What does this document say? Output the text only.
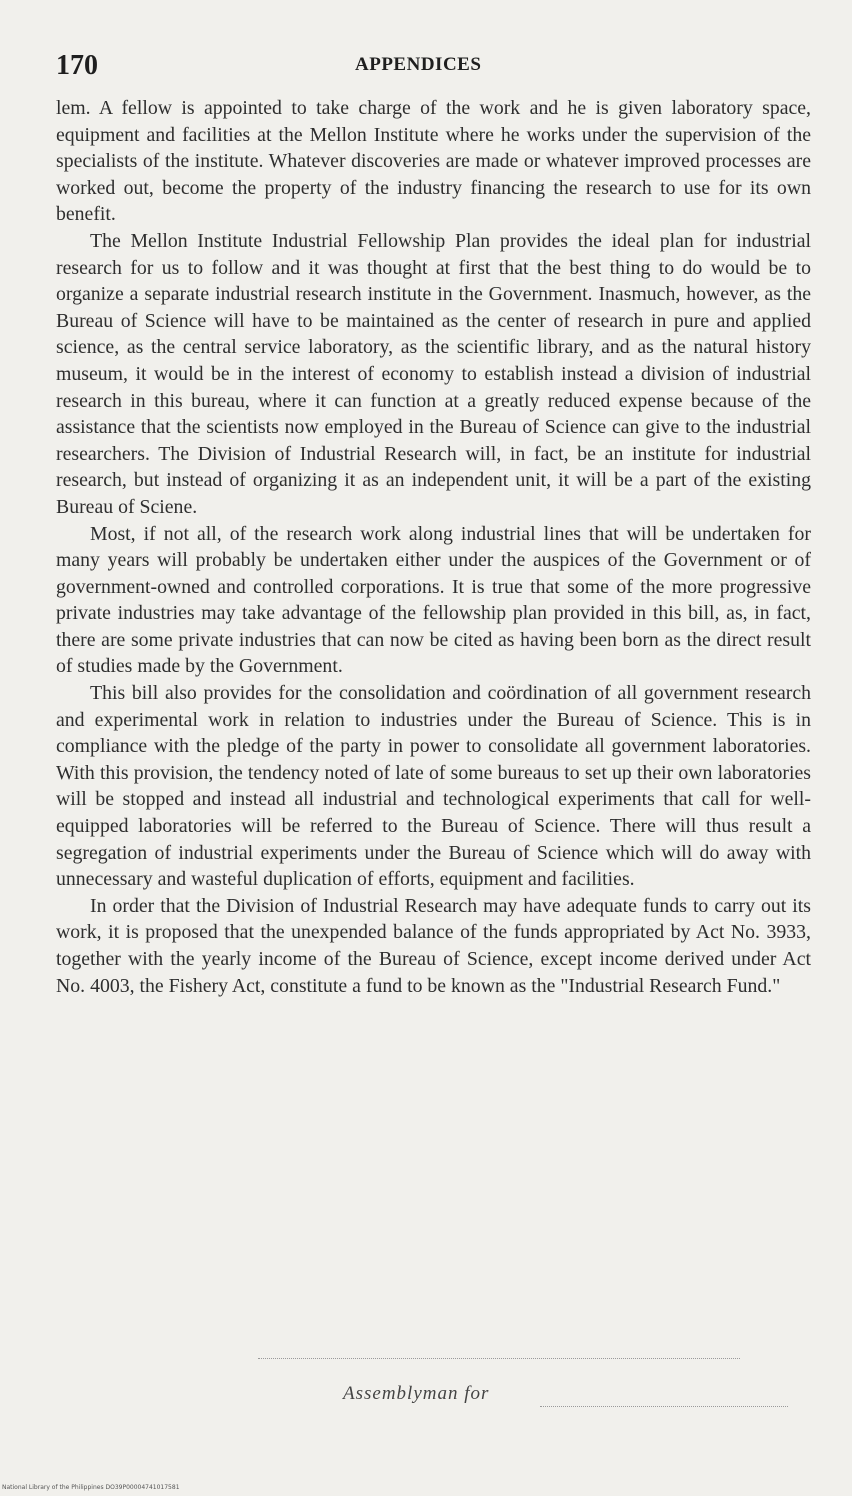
170	APPENDICES

lem. A fellow is appointed to take charge of the work and he is given laboratory space, equipment and facilities at the Mellon Institute where he works under the supervision of the specialists of the institute. Whatever discoveries are made or whatever improved processes are worked out, become the property of the industry financing the research to use for its own benefit.

The Mellon Institute Industrial Fellowship Plan provides the ideal plan for industrial research for us to follow and it was thought at first that the best thing to do would be to organize a separate industrial research institute in the Government. Inasmuch, however, as the Bureau of Science will have to be maintained as the center of research in pure and applied science, as the central service laboratory, as the scientific library, and as the natural history museum, it would be in the interest of economy to establish instead a division of industrial research in this bureau, where it can function at a greatly reduced expense because of the assistance that the scientists now employed in the Bureau of Science can give to the industrial researchers. The Division of Industrial Research will, in fact, be an institute for industrial research, but instead of organizing it as an independent unit, it will be a part of the existing Bureau of Sciene.

Most, if not all, of the research work along industrial lines that will be undertaken for many years will probably be undertaken either under the auspices of the Government or of government-owned and controlled corporations. It is true that some of the more progressive private industries may take advantage of the fellowship plan provided in this bill, as, in fact, there are some private industries that can now be cited as having been born as the direct result of studies made by the Government.

This bill also provides for the consolidation and coördination of all government research and experimental work in relation to industries under the Bureau of Science. This is in compliance with the pledge of the party in power to consolidate all government laboratories. With this provision, the tendency noted of late of some bureaus to set up their own laboratories will be stopped and instead all industrial and technological experiments that call for well-equipped laboratories will be referred to the Bureau of Science. There will thus result a segregation of industrial experiments under the Bureau of Science which will do away with unnecessary and wasteful duplication of efforts, equipment and facilities.

In order that the Division of Industrial Research may have adequate funds to carry out its work, it is proposed that the unexpended balance of the funds appropriated by Act No. 3933, together with the yearly income of the Bureau of Science, except income derived under Act No. 4003, the Fishery Act, constitute a fund to be known as the "Industrial Research Fund."

Assemblyman for
National Library of the Philippines DO39P00004741017581
